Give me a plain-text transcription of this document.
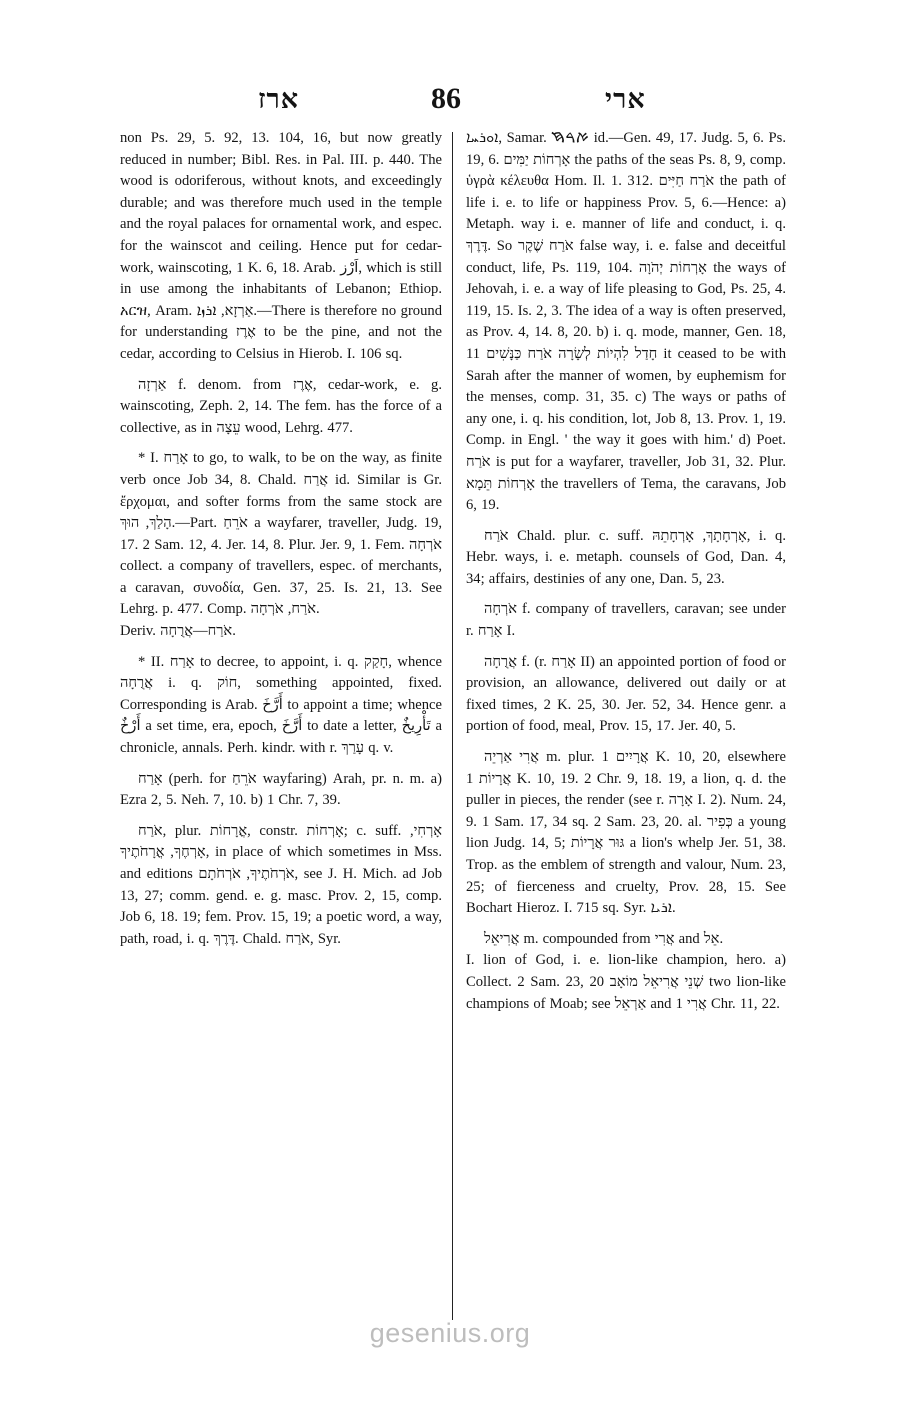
ארז	86	ארי

non Ps. 29, 5. 92, 13. 104, 16, but now greatly reduced in number; Bibl. Res. in Pal. III. p. 440. The wood is odoriferous, without knots, and exceedingly durable; and was therefore much used in the temple and the royal palaces for ornamental work, and espec. for the wainscot and ceiling. Hence put for cedar-work, wainscoting, 1 K. 6, 18. Arab. اَرْز, which is still in use among the inhabitants of Lebanon; Ethiop. አርዝ, Aram. אַרְזָא, ܐܪܙܐ.—There is therefore no ground for understanding אֶרֶז to be the pine, and not the cedar, according to Celsius in Hierob. I. 106 sq.

אַרְזָה f. denom. from אֶרֶז, cedar-work, e. g. wainscoting, Zeph. 2, 14. The fem. has the force of a collective, as in עֵצָה wood, Lehrg. 477.

* I. אָרַח to go, to walk, to be on the way, as finite verb once Job 34, 8. Chald. אֲרַח id. Similar is Gr. ἔρχομαι, and softer forms from the same stock are הָלַךְ, הוּךְ.—Part. אֹרֵחַ a wayfarer, traveller, Judg. 19, 17. 2 Sam. 12, 4. Jer. 14, 8. Plur. Jer. 9, 1. Fem. אֹרְחָה collect. a company of travellers, espec. of merchants, a caravan, συνοδία, Gen. 37, 25. Is. 21, 13. See Lehrg. p. 477. Comp. אֹרַח, אֹרְחָה.
Deriv. אֹרַח—אֲרֻחָה.

* II. אָרַח to decree, to appoint, i. q. חָקַק, whence אֲרֻחָה i. q. חוֹק, something appointed, fixed. Corresponding is Arab. أَرَّخَ to appoint a time; whence أَرْخٌ a set time, era, epoch, أَرَّخَ to date a letter, تَأْرِيخٌ a chronicle, annals. Perh. kindr. with r. עָרַךְ q. v.

אָרַח (perh. for אֹרֵחַ wayfaring) Arah, pr. n. m. a) Ezra 2, 5. Neh. 7, 10. b) 1 Chr. 7, 39.

אֹרַח, plur. אֳרָחוֹת, constr. אָרְחוֹת; c. suff. אָרְחִי, אָרְחֶךָ, אֳרָחֹתֶיךָ, in place of which sometimes in Mss. and editions אֹרְחֹתֶיךָ, אֹרְחֹתָם, see J. H. Mich. ad Job 13, 27; comm. gend. e. g. masc. Prov. 2, 15, comp. Job 6, 18. 19; fem. Prov. 15, 19; a poetic word, a way, path, road, i. q. דֶּרֶךְ. Chald. אֹרַח, Syr.

ܐܘܪܚܐ, Samar. ࠀࠓࠇ id.—Gen. 49, 17. Judg. 5, 6. Ps. 19, 6. אָרְחוֹת יַמִּים the paths of the seas Ps. 8, 9, comp. ὑγρὰ κέλευθα Hom. Il. 1. 312. אֹרַח חַיִּים the path of life i. e. to life or happiness Prov. 5, 6.—Hence: a) Metaph. way i. e. manner of life and conduct, i. q. דֶּרֶךְ. So אֹרַח שֶׁקֶר false way, i. e. false and deceitful conduct, life, Ps. 119, 104. אָרְחוֹת יְהֹוָה the ways of Jehovah, i. e. a way of life pleasing to God, Ps. 25, 4. 119, 15. Is. 2, 3. The idea of a way is often preserved, as Prov. 4, 14. 8, 20. b) i. q. mode, manner, Gen. 18, 11 חָדַל לִהְיוֹת לְשָׂרָה אֹרַח כַּנָּשִׁים it ceased to be with Sarah after the manner of women, by euphemism for the menses, comp. 31, 35. c) The ways or paths of any one, i. q. his condition, lot, Job 8, 13. Prov. 1, 19. Comp. in Engl. ' the way it goes with him.' d) Poet. אֹרַח is put for a wayfarer, traveller, Job 31, 32. Plur. אָרְחוֹת תֵּמָא the travellers of Tema, the caravans, Job 6, 19.

אֹרַח Chald. plur. c. suff. אָרְחָתָךְ, אָרְחָתֵהּ, i. q. Hebr. ways, i. e. metaph. counsels of God, Dan. 4, 34; affairs, destinies of any one, Dan. 5, 23.

אֹרְחָה f. company of travellers, caravan; see under r. אָרַח I.

אֲרֻחָה f. (r. אָרַח II) an appointed portion of food or provision, an allowance, delivered out daily or at fixed times, 2 K. 25, 30. Jer. 52, 34. Hence genr. a portion of food, meal, Prov. 15, 17. Jer. 40, 5.

אֲרִי אַרְיֵה m. plur. אֲרָיִים 1 K. 10, 20, elsewhere אֲרָיוֹת 1 K. 10, 19. 2 Chr. 9, 18. 19, a lion, q. d. the puller in pieces, the render (see r. אָרָה I. 2). Num. 24, 9. 1 Sam. 17, 34 sq. 2 Sam. 23, 20. al. כְּפִיר a young lion Judg. 14, 5; גּוּר אֲרָיוֹת a lion's whelp Jer. 51, 38. Trop. as the emblem of strength and valour, Num. 23, 25; of fierceness and cruelty, Prov. 28, 15. See Bochart Hieroz. I. 715 sq. Syr. ܐܪܝܐ.

אֲרִיאֵל m. compounded from אֲרִי and אֵל.
I. lion of God, i. e. lion-like champion, hero. a) Collect. 2 Sam. 23, 20 שְׁנֵי אֲרִיאֵל מוֹאָב two lion-like champions of Moab; see אַרְאֵל and אֲרִי 1 Chr. 11, 22.

gesenius.org
